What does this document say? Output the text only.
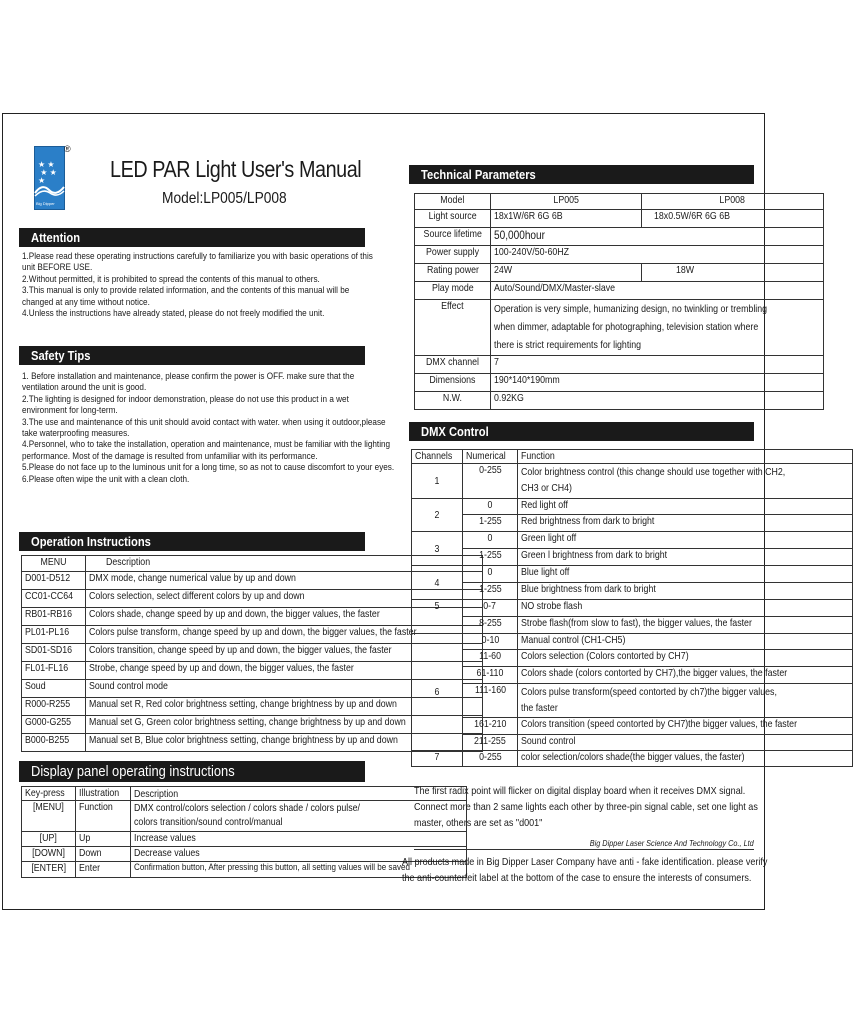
★ ★
★ ★
★
Big Dipper
®
LED PAR Light User's Manual
Model:LP005/LP008
Attention
1.Please read these operating instructions carefully to familiarize you with basic operations of this
unit BEFORE USE.
2.Without permitted, it is prohibited to spread the contents of this manual to others.
3.This manual is only to provide related information, and the contents of this manual will be
changed at any time without notice.
4.Unless the instructions have already stated, please do not freely modified the unit.
Safety Tips
1. Before installation and maintenance, please confirm the power is OFF. make sure that the
ventilation around the unit is good.
2.The lighting is designed for indoor demonstration, please do not use this product in a wet
environment for long-term.
3.The use and maintenance of this unit should avoid contact with water. when using it outdoor,please
take waterproofing measures.
4.Personnel, who to take the installation, operation and maintenance, must be familiar with the lighting
performance. Most of the damage is resulted from unfamiliar with its performance.
5.Please do not face up to the luminous unit for a long time, so as not to cause discomfort to your eyes.
6.Please often wipe the unit with a clean cloth.
Operation Instructions
MENU	Description
D001-D512	DMX mode, change numerical value by up and down
CC01-CC64	Colors selection, select different colors by up and down
RB01-RB16	Colors shade, change speed by up and down, the bigger values, the faster
PL01-PL16	Colors pulse transform, change speed by up and down, the bigger values, the faster
SD01-SD16	Colors transition, change speed by up and down, the bigger values, the faster
FL01-FL16	Strobe, change speed by up and down, the bigger values, the faster
Soud	Sound control mode
R000-R255	Manual set R, Red color brightness setting, change brightness by up and down
G000-G255	Manual set G, Green color brightness setting, change brightness by up and down
B000-B255	Manual set B, Blue color brightness setting, change brightness by up and down
Display panel operating instructions
Key-press	Illustration	Description
[MENU]	Function	DMX control/colors selection / colors shade / colors pulse/
colors transition/sound control/manual
[UP]	Up	Increase values
[DOWN]	Down	Decrease values
[ENTER]	Enter	Confirmation button, After pressing this button, all setting values will be saved
Technical Parameters
Model	LP005	LP008
Light source	18x1W/6R 6G 6B	18x0.5W/6R 6G 6B
Source lifetime	50,000hour	
Power supply	100-240V/50-60HZ	
Rating power	24W	18W
Play mode	Auto/Sound/DMX/Master-slave	
Effect	Operation is very simple, humanizing design, no twinkling or trembling
when dimmer, adaptable for photographing, television station where
there is strict requirements for lighting	
DMX channel	7	
Dimensions	190*140*190mm	
N.W.	0.92KG	
DMX Control
Channels	Numerical	Function
1	0-255	Color brightness control (this change should use together with CH2,
CH3 or CH4)
2	0	Red light off
	1-255	Red brightness from dark to bright
3	0	Green light off
	1-255	Green l brightness from dark to bright
4	0	Blue light off
	1-255	Blue brightness from dark to bright
5	0-7	NO strobe flash
	8-255	Strobe flash(from slow to fast), the bigger values, the faster
6	0-10	Manual control (CH1-CH5)
	11-60	Colors selection (Colors contorted by CH7)
	61-110	Colors shade (colors contorted by CH7),the bigger values, the faster
	111-160	Colors pulse transform(speed contorted by ch7)the bigger values,
the faster
	161-210	Colors transition (speed contorted by CH7)the bigger values, the faster
	211-255	Sound control
7	0-255	color selection/colors shade(the bigger values, the faster)
The first radix point will flicker on digital display board when it receives DMX signal.
Connect more than 2 same lights each other by three-pin signal cable, set one light as
master, others are set as "d001"
Big Dipper Laser Science And Technology Co., Ltd
All products made in Big Dipper Laser Company have anti - fake identification. please verify
the anti-counterfeit label at the bottom of the case to ensure the interests of consumers.
